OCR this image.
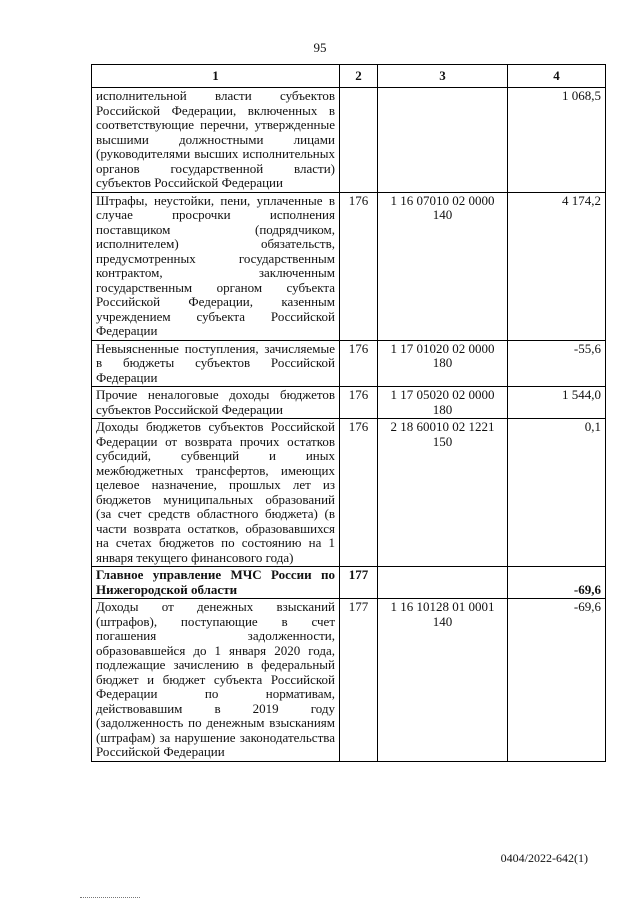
95
1	2	3	4
исполнительной власти субъектов Российской Федерации, включенных в соответствующие перечни, утвержденные высшими должностными лицами (руководителями высших исполнительных органов государственной власти) субъектов Российской Федерации			1 068,5
Штрафы, неустойки, пени, уплаченные в случае просрочки исполнения поставщиком (подрядчиком, исполнителем) обязательств, предусмотренных государственным контрактом, заключенным государственным органом субъекта Российской Федерации, казенным учреждением субъекта Российской Федерации	176	1 16 07010 02 0000 140	4 174,2
Невыясненные поступления, зачисляемые в бюджеты субъектов Российской Федерации	176	1 17 01020 02 0000 180	-55,6
Прочие неналоговые доходы бюджетов субъектов Российской Федерации	176	1 17 05020 02 0000 180	1 544,0
Доходы бюджетов субъектов Российской Федерации от возврата прочих остатков субсидий, субвенций и иных межбюджетных трансфертов, имеющих целевое назначение, прошлых лет из бюджетов муниципальных образований (за счет средств областного бюджета) (в части возврата остатков, образовавшихся на счетах бюджетов по состоянию на 1 января текущего финансового года)	176	2 18 60010 02 1221 150	0,1
Главное управление МЧС России по Нижегородской области	177		-69,6
Доходы от денежных взысканий (штрафов), поступающие в счет погашения задолженности, образовавшейся до 1 января 2020 года, подлежащие зачислению в федеральный бюджет и бюджет субъекта Российской Федерации по нормативам, действовавшим в 2019 году (задолженность по денежным взысканиям (штрафам) за нарушение законодательства Российской Федерации	177	1 16 10128 01 0001 140	-69,6
0404/2022-642(1)
